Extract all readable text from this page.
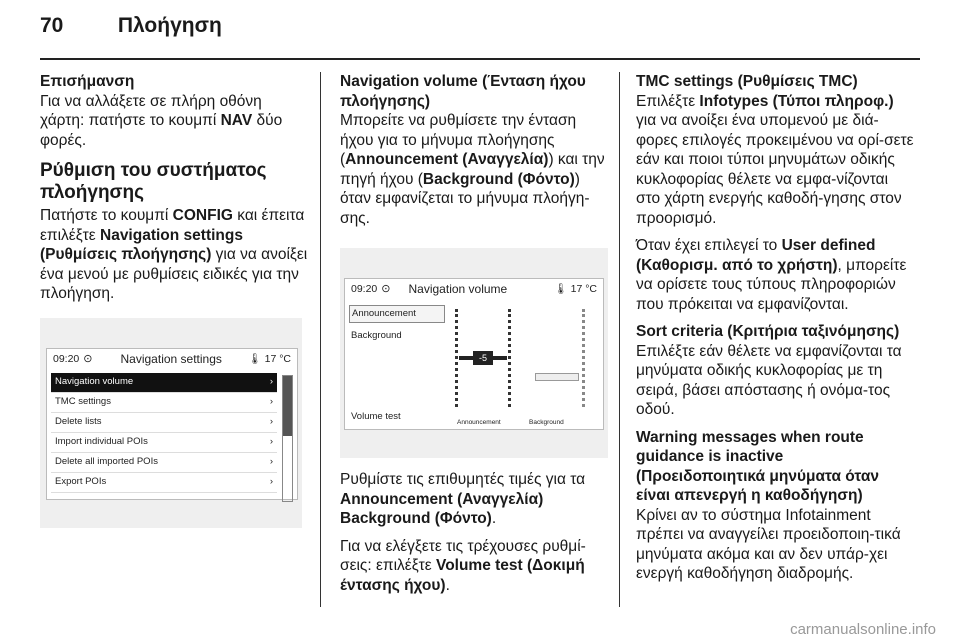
70	Πλοήγηση

Επισήμανση
Για να αλλάξετε σε πλήρη οθόνη χάρτη: πατήστε το κουμπί NAV δύο φορές.

Ρύθμιση του συστήματος πλοήγησης

Πατήστε το κουμπί CONFIG και έπειτα επιλέξτε Navigation settings (Ρυθμίσεις πλοήγησης) για να ανοίξει ένα μενού με ρυθμίσεις ειδικές για την πλοήγηση.

09:20 ⊙ Navigation settings	🌡 17 °C
Navigation volume	›
TMC settings	›
Delete lists	›
Import individual POIs	›
Delete all imported POIs	›
Export POIs	›
Navigation volume (Ένταση ήχου πλοήγησης)

Μπορείτε να ρυθμίσετε την ένταση ήχου για το μήνυμα πλοήγησης (Announcement (Αναγγελία)) και την πηγή ήχου (Background (Φόντο)) όταν εμφανίζεται το μήνυμα πλοήγη-σης.

09:20 ⊙ Navigation volume	🌡 17 °C
Announcement
Background
Volume test
-5
Announcement	Background

Ρυθμίστε τις επιθυμητές τιμές για τα Announcement (Αναγγελία) Background (Φόντο).

Για να ελέγξετε τις τρέχουσες ρυθμί-σεις: επιλέξτε Volume test (Δοκιμή έντασης ήχου).

TMC settings (Ρυθμίσεις TMC)

Επιλέξτε Infotypes (Τύποι πληροφ.) για να ανοίξει ένα υπομενού με διά-φορες επιλογές προκειμένου να ορί-σετε εάν και ποιοι τύποι μηνυμάτων οδικής κυκλοφορίας θέλετε να εμφα-νίζονται στο χάρτη ενεργής καθοδή-γησης στον προορισμό.

Όταν έχει επιλεγεί το User defined (Καθορισμ. από το χρήστη), μπορείτε να ορίσετε τους τύπους πληροφοριών που πρόκειται να εμφανίζονται.

Sort criteria (Κριτήρια ταξινόμησης)

Επιλέξτε εάν θέλετε να εμφανίζονται τα μηνύματα οδικής κυκλοφορίας με τη σειρά, βάσει απόστασης ή ονόμα-τος οδού.

Warning messages when route guidance is inactive (Προειδοποιητικά μηνύματα όταν είναι απενεργή η καθοδήγηση)

Κρίνει αν το σύστημα Infotainment πρέπει να αναγγείλει προειδοποιη-τικά μηνύματα ακόμα και αν δεν υπάρ-χει ενεργή καθοδήγηση διαδρομής.

carmanualsonline.info
